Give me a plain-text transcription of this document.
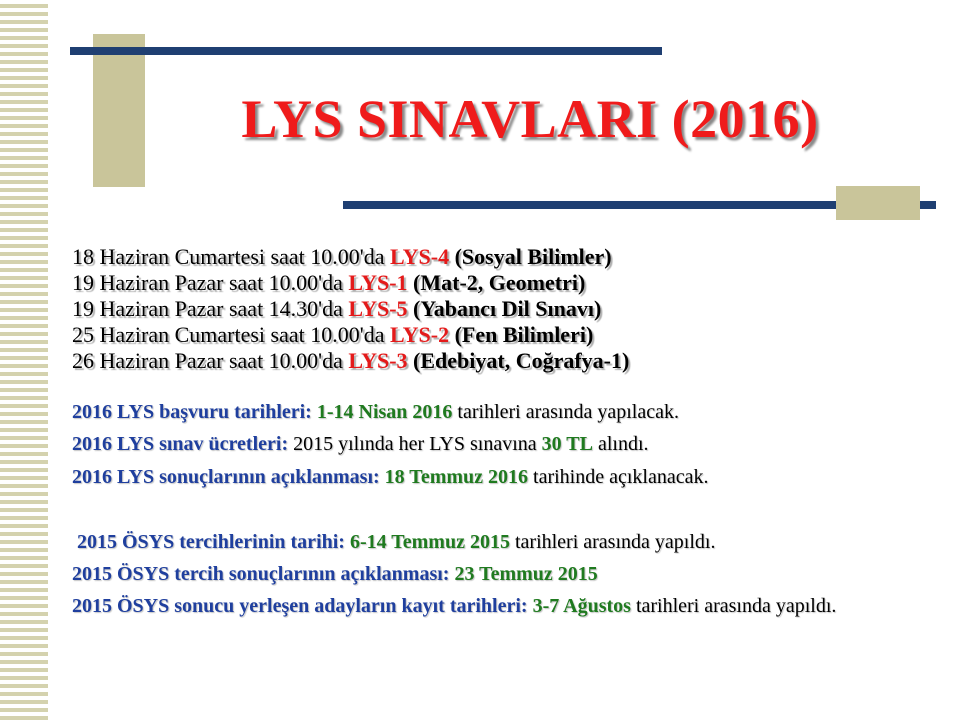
LYS SINAVLARI (2016)
18 Haziran Cumartesi saat 10.00'da LYS-4 (Sosyal Bilimler)
19 Haziran Pazar saat 10.00'da LYS-1 (Mat-2, Geometri)
19 Haziran Pazar saat 14.30'da LYS-5 (Yabancı Dil Sınavı)
25 Haziran Cumartesi saat 10.00'da LYS-2 (Fen Bilimleri)
26 Haziran Pazar saat 10.00'da LYS-3 (Edebiyat, Coğrafya-1)
2016 LYS başvuru tarihleri: 1-14 Nisan 2016 tarihleri arasında yapılacak.
2016 LYS sınav ücretleri: 2015 yılında her LYS sınavına 30 TL alındı.
2016 LYS sonuçlarının açıklanması: 18 Temmuz 2016 tarihinde açıklanacak.
2015 ÖSYS tercihlerinin tarihi: 6-14 Temmuz 2015 tarihleri arasında yapıldı.
2015 ÖSYS tercih sonuçlarının açıklanması: 23 Temmuz 2015
2015 ÖSYS sonucu yerleşen adayların kayıt tarihleri: 3-7 Ağustos tarihleri arasında yapıldı.
